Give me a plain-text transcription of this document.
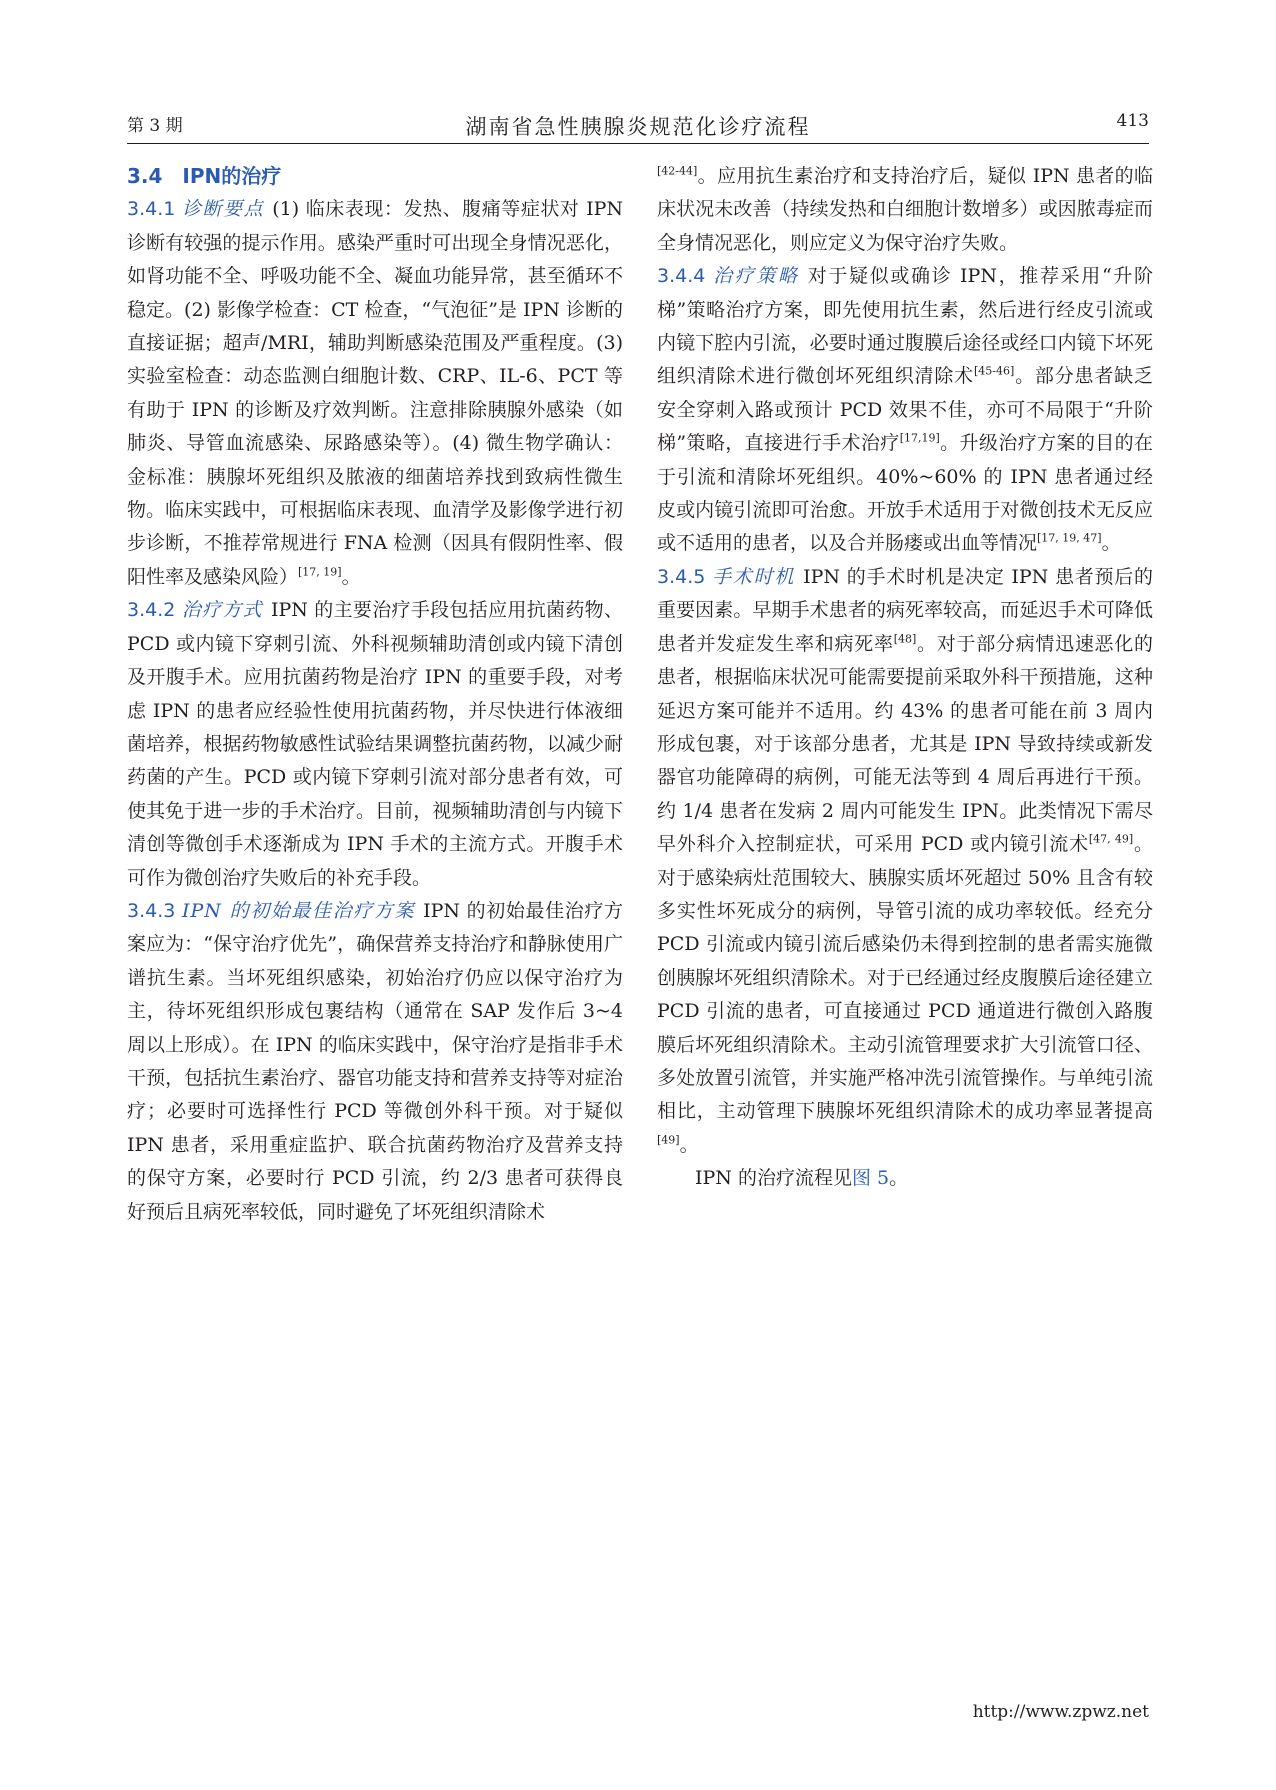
第 3 期	湖南省急性胰腺炎规范化诊疗流程	413

3.4　IPN的治疗

3.4.1 诊断要点 (1) 临床表现：发热、腹痛等症状对 IPN 诊断有较强的提示作用。感染严重时可出现全身情况恶化，如肾功能不全、呼吸功能不全、凝血功能异常，甚至循环不稳定。(2) 影像学检查：CT 检查，“气泡征”是 IPN 诊断的直接证据；超声/MRI，辅助判断感染范围及严重程度。(3) 实验室检查：动态监测白细胞计数、CRP、IL-6、PCT 等有助于 IPN 的诊断及疗效判断。注意排除胰腺外感染（如肺炎、导管血流感染、尿路感染等）。(4) 微生物学确认：金标准：胰腺坏死组织及脓液的细菌培养找到致病性微生物。临床实践中，可根据临床表现、血清学及影像学进行初步诊断，不推荐常规进行 FNA 检测（因具有假阴性率、假阳性率及感染风险）[17, 19]。

3.4.2 治疗方式 IPN 的主要治疗手段包括应用抗菌药物、PCD 或内镜下穿刺引流、外科视频辅助清创或内镜下清创及开腹手术。应用抗菌药物是治疗 IPN 的重要手段，对考虑 IPN 的患者应经验性使用抗菌药物，并尽快进行体液细菌培养，根据药物敏感性试验结果调整抗菌药物，以减少耐药菌的产生。PCD 或内镜下穿刺引流对部分患者有效，可使其免于进一步的手术治疗。目前，视频辅助清创与内镜下清创等微创手术逐渐成为 IPN 手术的主流方式。开腹手术可作为微创治疗失败后的补充手段。

3.4.3 IPN 的初始最佳治疗方案 IPN 的初始最佳治疗方案应为：“保守治疗优先”，确保营养支持治疗和静脉使用广谱抗生素。当坏死组织感染，初始治疗仍应以保守治疗为主，待坏死组织形成包裹结构（通常在 SAP 发作后 3~4 周以上形成）。在 IPN 的临床实践中，保守治疗是指非手术干预，包括抗生素治疗、器官功能支持和营养支持等对症治疗；必要时可选择性行 PCD 等微创外科干预。对于疑似 IPN 患者，采用重症监护、联合抗菌药物治疗及营养支持的保守方案，必要时行 PCD 引流，约 2/3 患者可获得良好预后且病死率较低，同时避免了坏死组织清除术

[42-44]。应用抗生素治疗和支持治疗后，疑似 IPN 患者的临床状况未改善（持续发热和白细胞计数增多）或因脓毒症而全身情况恶化，则应定义为保守治疗失败。

3.4.4 治疗策略 对于疑似或确诊 IPN，推荐采用“升阶梯”策略治疗方案，即先使用抗生素，然后进行经皮引流或内镜下腔内引流，必要时通过腹膜后途径或经口内镜下坏死组织清除术进行微创坏死组织清除术[45-46]。部分患者缺乏安全穿刺入路或预计 PCD 效果不佳，亦可不局限于“升阶梯”策略，直接进行手术治疗[17,19]。升级治疗方案的目的在于引流和清除坏死组织。40%~60% 的 IPN 患者通过经皮或内镜引流即可治愈。开放手术适用于对微创技术无反应或不适用的患者，以及合并肠瘘或出血等情况[17, 19, 47]。

3.4.5 手术时机 IPN 的手术时机是决定 IPN 患者预后的重要因素。早期手术患者的病死率较高，而延迟手术可降低患者并发症发生率和病死率[48]。对于部分病情迅速恶化的患者，根据临床状况可能需要提前采取外科干预措施，这种延迟方案可能并不适用。约 43% 的患者可能在前 3 周内形成包裹，对于该部分患者，尤其是 IPN 导致持续或新发器官功能障碍的病例，可能无法等到 4 周后再进行干预。约 1/4 患者在发病 2 周内可能发生 IPN。此类情况下需尽早外科介入控制症状，可采用 PCD 或内镜引流术[47, 49]。对于感染病灶范围较大、胰腺实质坏死超过 50% 且含有较多实性坏死成分的病例，导管引流的成功率较低。经充分 PCD 引流或内镜引流后感染仍未得到控制的患者需实施微创胰腺坏死组织清除术。对于已经通过经皮腹膜后途径建立 PCD 引流的患者，可直接通过 PCD 通道进行微创入路腹膜后坏死组织清除术。主动引流管理要求扩大引流管口径、多处放置引流管，并实施严格冲洗引流管操作。与单纯引流相比，主动管理下胰腺坏死组织清除术的成功率显著提高[49]。

IPN 的治疗流程见图 5。

http://www.zpwz.net
